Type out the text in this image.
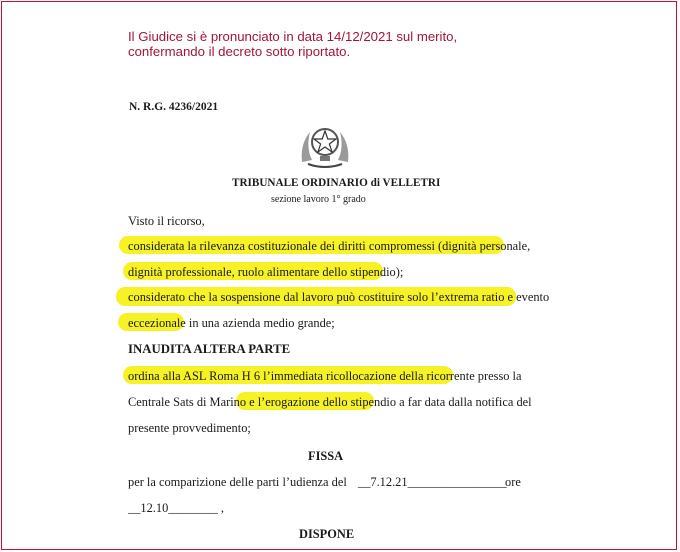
Il Giudice si è pronunciato in data 14/12/2021 sul merito,
confermando il decreto sotto riportato.
N. R.G. 4236/2021
TRIBUNALE ORDINARIO di VELLETRI
sezione lavoro 1° grado
Visto il ricorso,
considerata la rilevanza costituzionale dei diritti compromessi (dignità personale,
dignità professionale, ruolo alimentare dello stipendio);
considerato che la sospensione dal lavoro può costituire solo l’extrema ratio e evento
eccezionale in una azienda medio grande;
INAUDITA ALTERA PARTE
ordina alla ASL Roma H 6 l’immediata ricollocazione della ricorrente presso la
Centrale Sats di Marino e l’erogazione dello stipendio a far data dalla notifica del
presente provvedimento;
FISSA
per la comparizione delle parti l’udienza del __7.12.21________________
ore
__12.10________ ,
DISPONE
